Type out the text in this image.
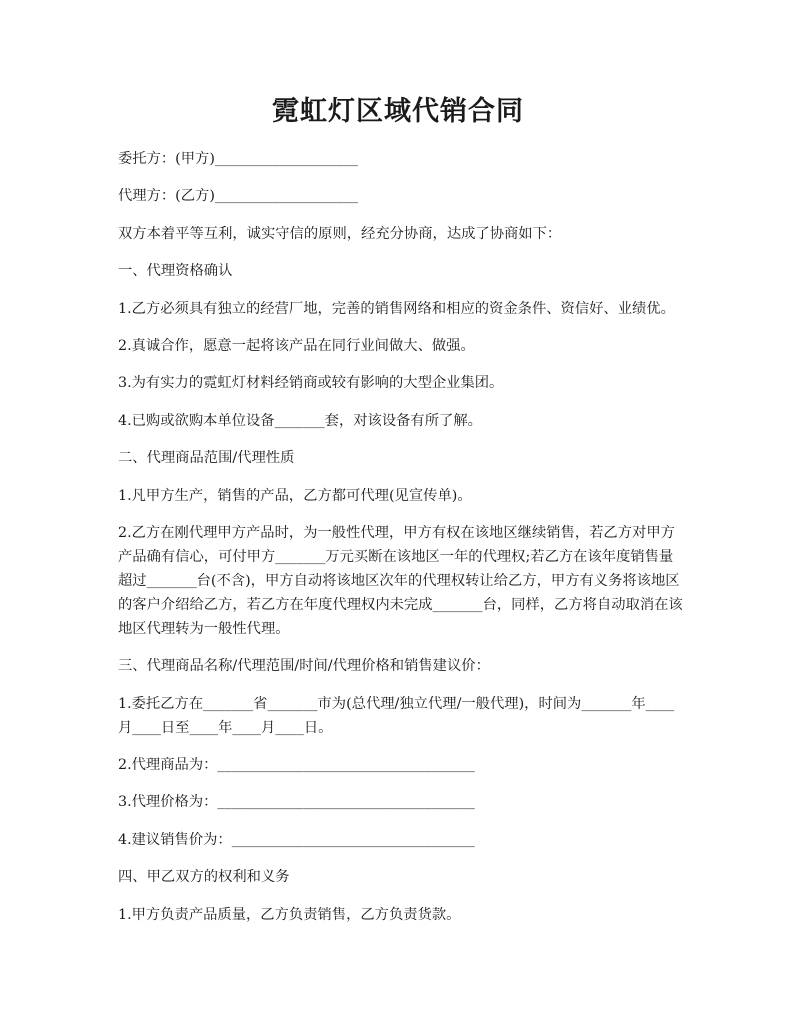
霓虹灯区域代销合同

委托方：(甲方)____________________

代理方：(乙方)____________________

双方本着平等互利，诚实守信的原则，经充分协商，达成了协商如下：

一、代理资格确认

1.乙方必须具有独立的经营厂地，完善的销售网络和相应的资金条件、资信好、业绩优。

2.真诚合作，愿意一起将该产品在同行业间做大、做强。

3.为有实力的霓虹灯材料经销商或较有影响的大型企业集团。

4.已购或欲购本单位设备_______套，对该设备有所了解。

二、代理商品范围/代理性质

1.凡甲方生产，销售的产品，乙方都可代理(见宣传单)。

2.乙方在刚代理甲方产品时，为一般性代理，甲方有权在该地区继续销售，若乙方对甲方产品确有信心，可付甲方_______万元买断在该地区一年的代理权;若乙方在该年度销售量超过_______台(不含)，甲方自动将该地区次年的代理权转让给乙方，甲方有义务将该地区的客户介绍给乙方，若乙方在年度代理权内未完成_______台，同样，乙方将自动取消在该地区代理转为一般性代理。

三、代理商品名称/代理范围/时间/代理价格和销售建议价：

1.委托乙方在_______省_______市为(总代理/独立代理/一般代理)，时间为_______年____月____日至____年____月____日。

2.代理商品为：____________________________________

3.代理价格为：____________________________________

4.建议销售价为：__________________________________

四、甲乙双方的权利和义务

1.甲方负责产品质量，乙方负责销售，乙方负责货款。
